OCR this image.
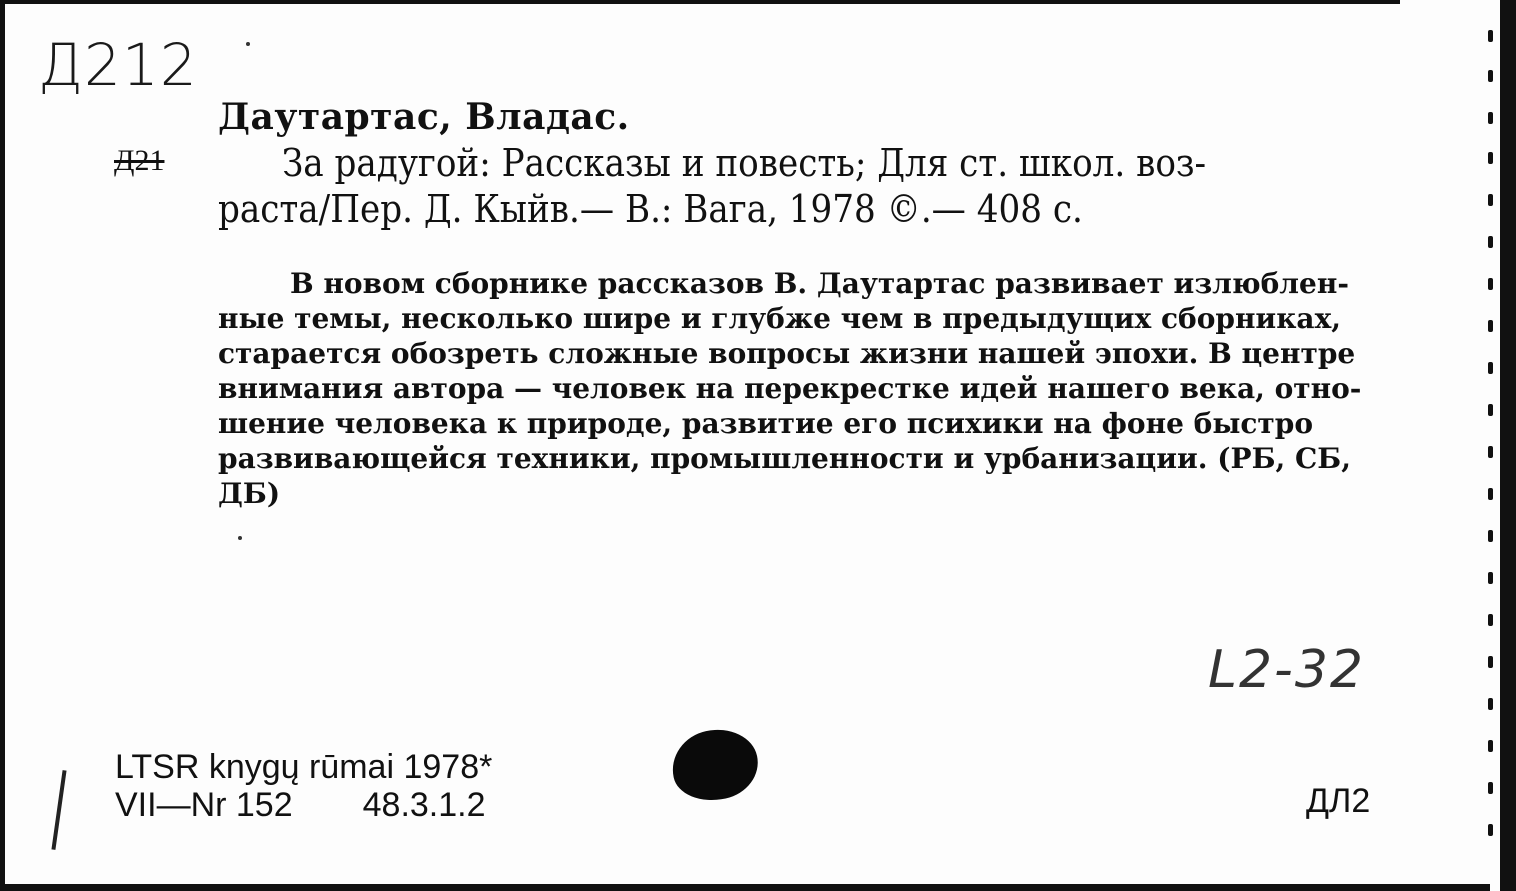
Д212
Д21
Даутартас, Владас.
За радугой: Рассказы и повесть; Для ст. школ. воз-
раста/Пер. Д. Кыйв.— В.: Вага, 1978 ©.— 408 с.
В новом сборнике рассказов В. Даутартас развивает излюблен-
ные темы, несколько шире и глубже чем в предыдущих сборниках,
старается обозреть сложные вопросы жизни нашей эпохи. В центре
внимания автора — человек на перекрестке идей нашего века, отно-
шение человека к природе, развитие его психики на фоне быстро
развивающейся техники, промышленности и урбанизации. (РБ, СБ,
ДБ)
L2-32
LTSR knygų rūmai 1978*
VII—Nr 152 48.3.1.2	ДЛ2
